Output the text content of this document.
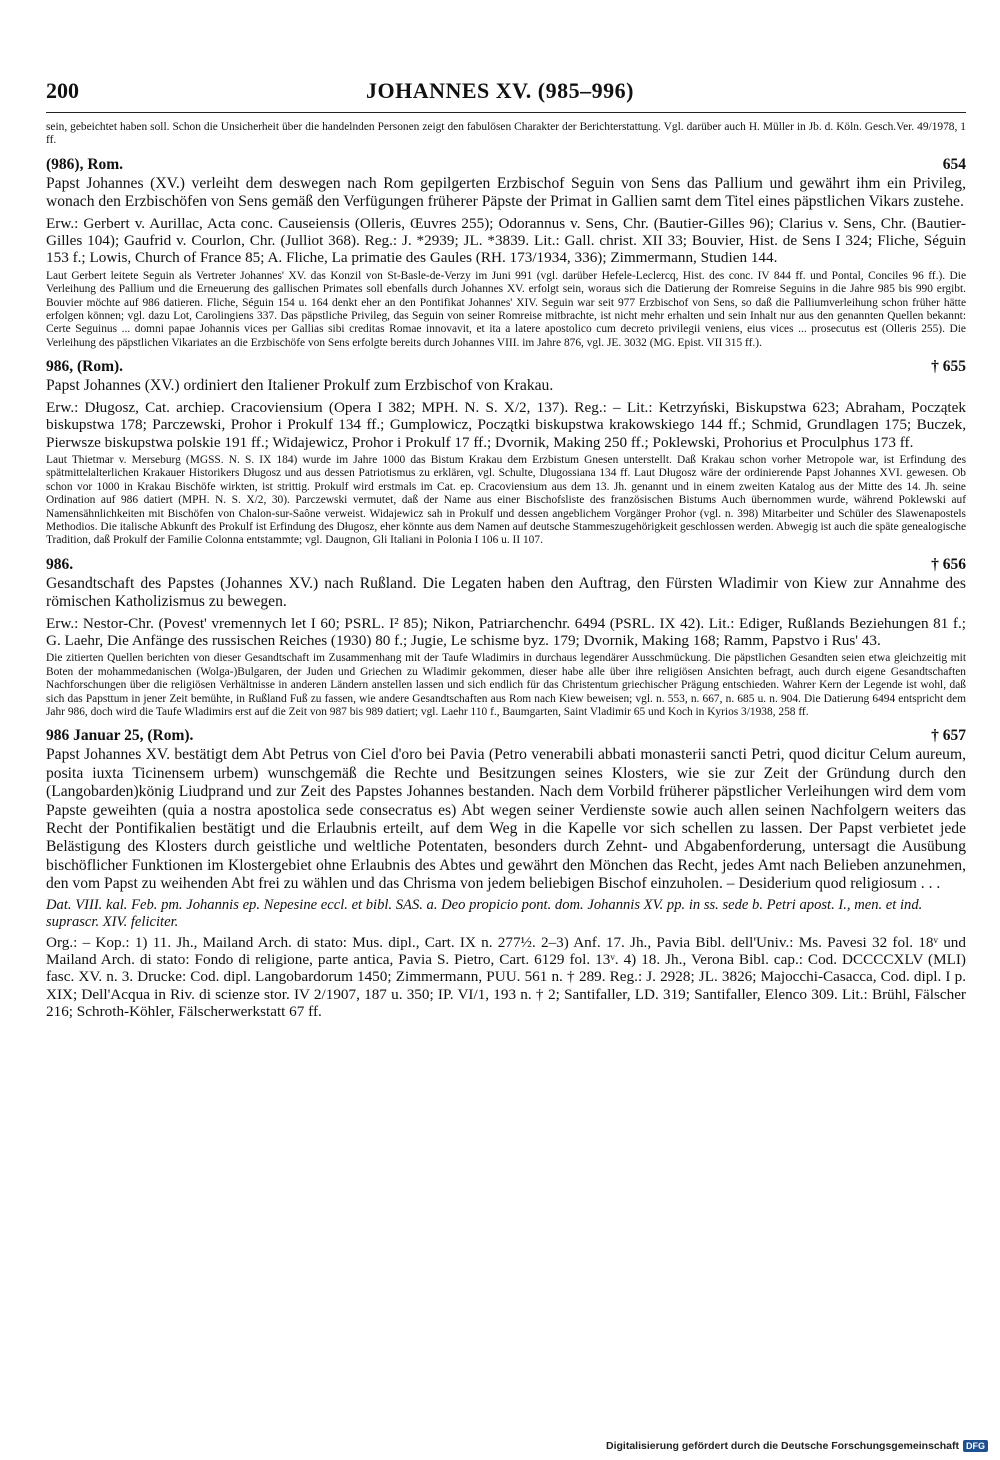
200	JOHANNES XV. (985–996)

sein, gebeichtet haben soll. Schon die Unsicherheit über die handelnden Personen zeigt den fabulösen Charakter der Berichterstattung. Vgl. darüber auch H. Müller in Jb. d. Köln. Gesch.Ver. 49/1978, 1 ff.

(986), Rom.	654

Papst Johannes (XV.) verleiht dem deswegen nach Rom gepilgerten Erzbischof Seguin von Sens das Pallium und gewährt ihm ein Privileg, wonach den Erzbischöfen von Sens gemäß den Verfügungen früherer Päpste der Primat in Gallien samt dem Titel eines päpstlichen Vikars zustehe.

Erw.: Gerbert v. Aurillac, Acta conc. Causeiensis (Olleris, Œuvres 255); Odorannus v. Sens, Chr. (Bautier-Gilles 96); Clarius v. Sens, Chr. (Bautier-Gilles 104); Gaufrid v. Courlon, Chr. (Julliot 368). Reg.: J. *2939; JL. *3839. Lit.: Gall. christ. XII 33; Bouvier, Hist. de Sens I 324; Fliche, Séguin 153 f.; Lowis, Church of France 85; A. Fliche, La primatie des Gaules (RH. 173/1934, 336); Zimmermann, Studien 144.

Laut Gerbert leitete Seguin als Vertreter Johannes' XV. das Konzil von St-Basle-de-Verzy im Juni 991 (vgl. darüber Hefele-Leclercq, Hist. des conc. IV 844 ff. und Pontal, Conciles 96 ff.). Die Verleihung des Pallium und die Erneuerung des gallischen Primates soll ebenfalls durch Johannes XV. erfolgt sein, woraus sich die Datierung der Romreise Seguins in die Jahre 985 bis 990 ergibt. Bouvier möchte auf 986 datieren. Fliche, Séguin 154 u. 164 denkt eher an den Pontifikat Johannes' XIV. Seguin war seit 977 Erzbischof von Sens, so daß die Palliumverleihung schon früher hätte erfolgen können; vgl. dazu Lot, Carolingiens 337. Das päpstliche Privileg, das Seguin von seiner Romreise mitbrachte, ist nicht mehr erhalten und sein Inhalt nur aus den genannten Quellen bekannt: Certe Seguinus ... domni papae Johannis vices per Gallias sibi creditas Romae innovavit, et ita a latere apostolico cum decreto privilegii veniens, eius vices ... prosecutus est (Olleris 255). Die Verleihung des päpstlichen Vikariates an die Erzbischöfe von Sens erfolgte bereits durch Johannes VIII. im Jahre 876, vgl. JE. 3032 (MG. Epist. VII 315 ff.).

986, (Rom).	† 655

Papst Johannes (XV.) ordiniert den Italiener Prokulf zum Erzbischof von Krakau.

Erw.: Długosz, Cat. archiep. Cracoviensium (Opera I 382; MPH. N. S. X/2, 137). Reg.: – Lit.: Ketrzyński, Biskupstwa 623; Abraham, Początek biskupstwa 178; Parczewski, Prohor i Prokulf 134 ff.; Gumplowicz, Początki biskupstwa krakowskiego 144 ff.; Schmid, Grundlagen 175; Buczek, Pierwsze biskupstwa polskie 191 ff.; Widajewicz, Prohor i Prokulf 17 ff.; Dvornik, Making 250 ff.; Poklewski, Prohorius et Proculphus 173 ff.

Laut Thietmar v. Merseburg (MGSS. N. S. IX 184) wurde im Jahre 1000 das Bistum Krakau dem Erzbistum Gnesen unterstellt. Daß Krakau schon vorher Metropole war, ist Erfindung des spätmittelalterlichen Krakauer Historikers Długosz und aus dessen Patriotismus zu erklären, vgl. Schulte, Dlugossiana 134 ff. Laut Długosz wäre der ordinierende Papst Johannes XVI. gewesen. Ob schon vor 1000 in Krakau Bischöfe wirkten, ist strittig. Prokulf wird erstmals im Cat. ep. Cracoviensium aus dem 13. Jh. genannt und in einem zweiten Katalog aus der Mitte des 14. Jh. seine Ordination auf 986 datiert (MPH. N. S. X/2, 30). Parczewski vermutet, daß der Name aus einer Bischofsliste des französischen Bistums Auch übernommen wurde, während Poklewski auf Namensähnlichkeiten mit Bischöfen von Chalon-sur-Saône verweist. Widajewicz sah in Prokulf und dessen angeblichem Vorgänger Prohor (vgl. n. 398) Mitarbeiter und Schüler des Slawenapostels Methodios. Die italische Abkunft des Prokulf ist Erfindung des Długosz, eher könnte aus dem Namen auf deutsche Stammeszugehörigkeit geschlossen werden. Abwegig ist auch die späte genealogische Tradition, daß Prokulf der Familie Colonna entstammte; vgl. Daugnon, Gli Italiani in Polonia I 106 u. II 107.

986.	† 656

Gesandtschaft des Papstes (Johannes XV.) nach Rußland. Die Legaten haben den Auftrag, den Fürsten Wladimir von Kiew zur Annahme des römischen Katholizismus zu bewegen.

Erw.: Nestor-Chr. (Povest' vremennych let I 60; PSRL. I² 85); Nikon, Patriarchenchr. 6494 (PSRL. IX 42). Lit.: Ediger, Rußlands Beziehungen 81 f.; G. Laehr, Die Anfänge des russischen Reiches (1930) 80 f.; Jugie, Le schisme byz. 179; Dvornik, Making 168; Ramm, Papstvo i Rus' 43.

Die zitierten Quellen berichten von dieser Gesandtschaft im Zusammenhang mit der Taufe Wladimirs in durchaus legendärer Ausschmückung. Die päpstlichen Gesandten seien etwa gleichzeitig mit Boten der mohammedanischen (Wolga-)Bulgaren, der Juden und Griechen zu Wladimir gekommen, dieser habe alle über ihre religiösen Ansichten befragt, auch durch eigene Gesandtschaften Nachforschungen über die religiösen Verhältnisse in anderen Ländern anstellen lassen und sich endlich für das Christentum griechischer Prägung entschieden. Wahrer Kern der Legende ist wohl, daß sich das Papsttum in jener Zeit bemühte, in Rußland Fuß zu fassen, wie andere Gesandtschaften aus Rom nach Kiew beweisen; vgl. n. 553, n. 667, n. 685 u. n. 904. Die Datierung 6494 entspricht dem Jahr 986, doch wird die Taufe Wladimirs erst auf die Zeit von 987 bis 989 datiert; vgl. Laehr 110 f., Baumgarten, Saint Vladimir 65 und Koch in Kyrios 3/1938, 258 ff.

986 Januar 25, (Rom).	† 657

Papst Johannes XV. bestätigt dem Abt Petrus von Ciel d'oro bei Pavia (Petro venerabili abbati monasterii sancti Petri, quod dicitur Celum aureum, posita iuxta Ticinensem urbem) wunschgemäß die Rechte und Besitzungen seines Klosters, wie sie zur Zeit der Gründung durch den (Langobarden)könig Liudprand und zur Zeit des Papstes Johannes bestanden. Nach dem Vorbild früherer päpstlicher Verleihungen wird dem vom Papste geweihten (quia a nostra apostolica sede consecratus es) Abt wegen seiner Verdienste sowie auch allen seinen Nachfolgern weiters das Recht der Pontifikalien bestätigt und die Erlaubnis erteilt, auf dem Weg in die Kapelle vor sich schellen zu lassen. Der Papst verbietet jede Belästigung des Klosters durch geistliche und weltliche Potentaten, besonders durch Zehnt- und Abgabenforderung, untersagt die Ausübung bischöflicher Funktionen im Klostergebiet ohne Erlaubnis des Abtes und gewährt den Mönchen das Recht, jedes Amt nach Belieben anzunehmen, den vom Papst zu weihenden Abt frei zu wählen und das Chrisma von jedem beliebigen Bischof einzuholen. – Desiderium quod religiosum . . .

Dat. VIII. kal. Feb. pm. Johannis ep. Nepesine eccl. et bibl. SAS. a. Deo propicio pont. dom. Johannis XV. pp. in ss. sede b. Petri apost. I., men. et ind. suprascr. XIV. feliciter.

Org.: – Kop.: 1) 11. Jh., Mailand Arch. di stato: Mus. dipl., Cart. IX n. 277½. 2–3) Anf. 17. Jh., Pavia Bibl. dell'Univ.: Ms. Pavesi 32 fol. 18ᵛ und Mailand Arch. di stato: Fondo di religione, parte antica, Pavia S. Pietro, Cart. 6129 fol. 13ᵛ. 4) 18. Jh., Verona Bibl. cap.: Cod. DCCCCXLV (MLI) fasc. XV. n. 3. Drucke: Cod. dipl. Langobardorum 1450; Zimmermann, PUU. 561 n. † 289. Reg.: J. 2928; JL. 3826; Majocchi-Casacca, Cod. dipl. I p. XIX; Dell'Acqua in Riv. di scienze stor. IV 2/1907, 187 u. 350; IP. VI/1, 193 n. † 2; Santifaller, LD. 319; Santifaller, Elenco 309. Lit.: Brühl, Fälscher 216; Schroth-Köhler, Fälscherwerkstatt 67 ff.

Digitalisierung gefördert durch die Deutsche Forschungsgemeinschaft DFG
